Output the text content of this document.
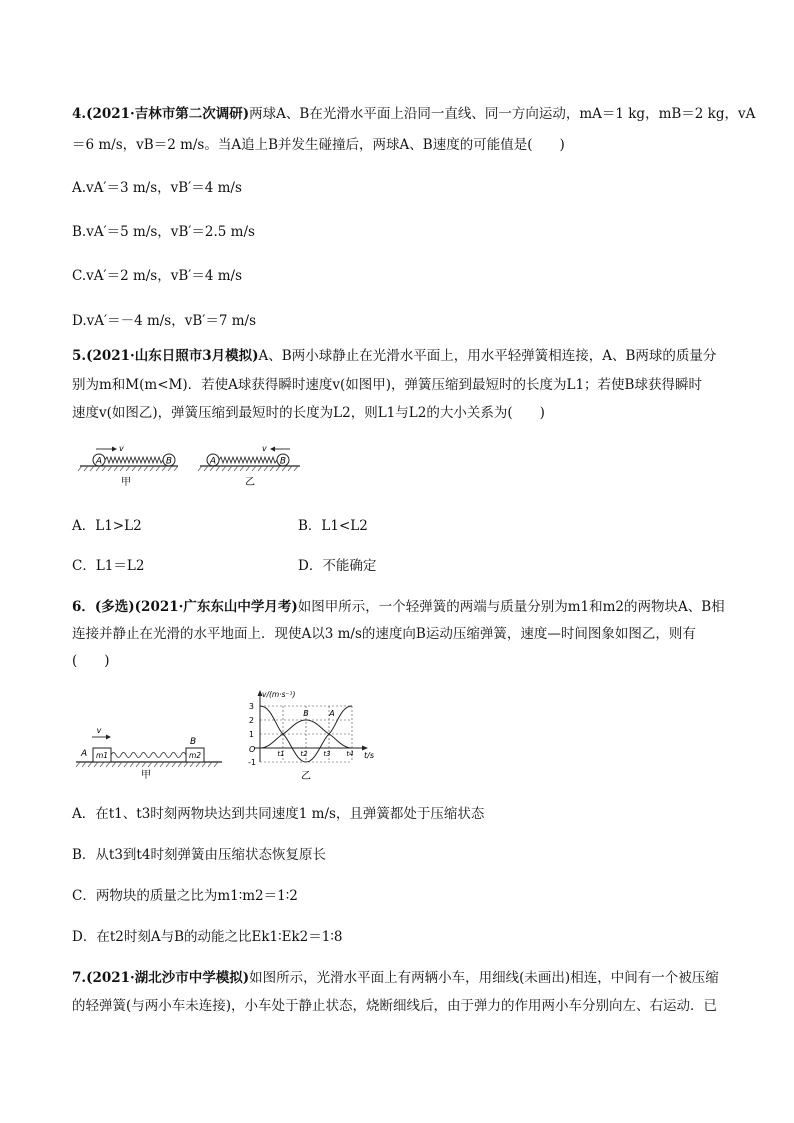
4.(2021·吉林市第二次调研)两球A、B在光滑水平面上沿同一直线、同一方向运动，mA＝1 kg，mB＝2 kg，vA
＝6 m/s，vB＝2 m/s。当A追上B并发生碰撞后，两球A、B速度的可能值是(　　)
A.vA′＝3 m/s，vB′＝4 m/s
B.vA′＝5 m/s，vB′＝2.5 m/s
C.vA′＝2 m/s，vB′＝4 m/s
D.vA′＝－4 m/s，vB′＝7 m/s
5.(2021·山东日照市3月模拟)A、B两小球静止在光滑水平面上，用水平轻弹簧相连接，A、B两球的质量分
别为m和M(m<M)．若使A球获得瞬时速度v(如图甲)，弹簧压缩到最短时的长度为L1；若使B球获得瞬时
速度v(如图乙)，弹簧压缩到最短时的长度为L2，则L1与L2的大小关系为(　　)
A	B
v
甲
A	B
v
乙
A．L1>L2	B．L1<L2
C．L1＝L2	D．不能确定
6．(多选)(2021·广东东山中学月考)如图甲所示，一个轻弹簧的两端与质量分别为m1和m2的两物块A、B相
连接并静止在光滑的水平地面上．现使A以3 m/s的速度向B运动压缩弹簧，速度—时间图象如图乙，则有
(　　)
A m1	m2
B
v
甲
v/(m·s⁻¹)
t/s
O
3
2
1
-1
B	A
t1 t2 t3 t4
乙
A．在t1、t3时刻两物块达到共同速度1 m/s，且弹簧都处于压缩状态
B．从t3到t4时刻弹簧由压缩状态恢复原长
C．两物块的质量之比为m1∶m2＝1∶2
D．在t2时刻A与B的动能之比Ek1∶Ek2＝1∶8
7.(2021·湖北沙市中学模拟)如图所示，光滑水平面上有两辆小车，用细线(未画出)相连，中间有一个被压缩
的轻弹簧(与两小车未连接)，小车处于静止状态，烧断细线后，由于弹力的作用两小车分别向左、右运动．已
